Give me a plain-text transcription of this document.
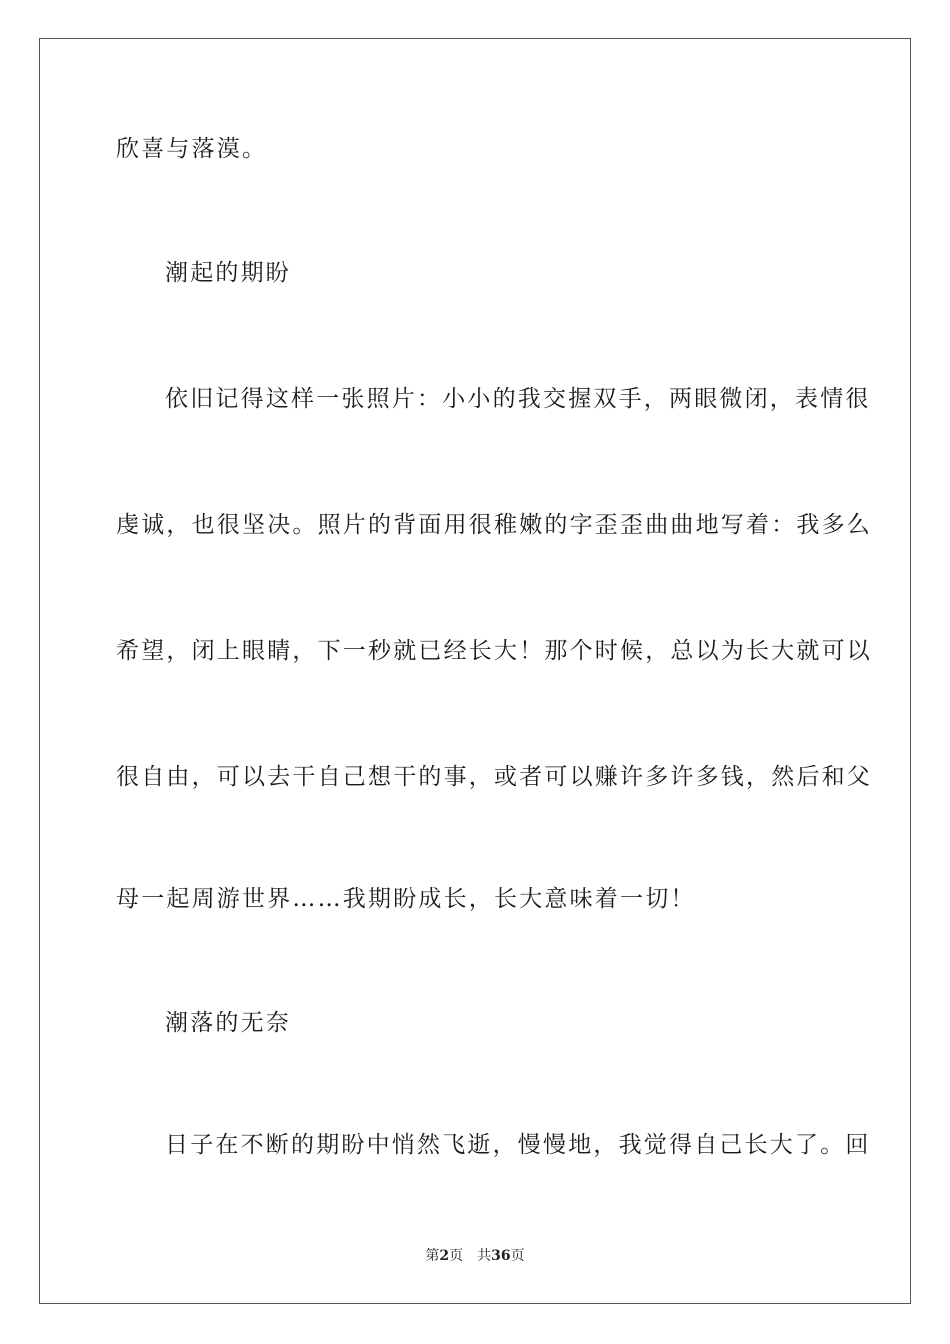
欣喜与落漠。
潮起的期盼
依旧记得这样一张照片：小小的我交握双手，两眼微闭，表情很
虔诚，也很坚决。照片的背面用很稚嫩的字歪歪曲曲地写着：我多么
希望，闭上眼睛，下一秒就已经长大！那个时候，总以为长大就可以
很自由，可以去干自己想干的事，或者可以赚许多许多钱，然后和父
母一起周游世界……我期盼成长，长大意味着一切！
潮落的无奈
日子在不断的期盼中悄然飞逝，慢慢地，我觉得自己长大了。回
第2页 共36页
